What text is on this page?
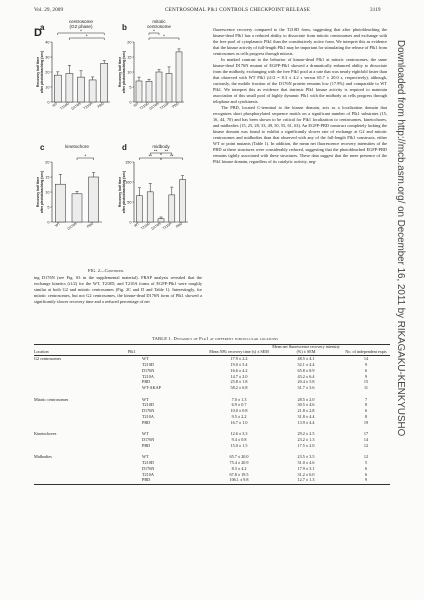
Vol. 29, 2009	CENTROSOMAL Plk1 CONTROLS CHECKPOINT RELEASE	3119
Downloaded from http://mcb.asm.org/ on December 16, 2011 by RIKAGAKU-KENKYUSHO
D
a
centrosome
(G2 phase)
0
10
20
30
40
Recovery half time after photobleaching (sec)
WT T210D D176N T210A PBD
*
*	b
mitotic
centrosome
0
5
10
15
20
Recovery half time after photobleaching (sec)
WT T210D D176N T210A PBD
*
*
c	kinetochore
0
5
10
15
20
Recovery half time after photobleaching (sec)
WT D176N	PBD
*
d	midbody
0
50
100
150
Recovery half time after photobleaching (sec)
WT T210D D176N T210A PBD
**
**
**
**
FIG. 2—Continued.

ing D176N (see Fig. S3 in the supplemental material). FRAP analysis revealed that the exchange kinetics (t1/2) for the WT, T210D, and T210A forms of EGFP-Plk1 were roughly similar at both G2 and mitotic centrosomes (Fig. 2C and D and Table 1). Interestingly, for mitotic centrosomes, but not G2 centrosomes, the kinase-dead D176N form of Plk1 showed a significantly slower recovery time and a reduced percentage of net

fluorescence recovery compared to the T210D form, suggesting that after photobleaching the kinase-dead Plk1 has a reduced ability to dissociate from mitotic centrosomes and exchange with the free pool of cytoplasmic Plk1 than the constitutively active form. We interpret this as evidence that the kinase activity of full-length Plk1 may be important for stimulating the release of Plk1 from centrosomes as cells progress through mitosis.

In marked contrast to the behavior of kinase-dead Plk1 at mitotic centrosomes, the same kinase-dead D176N mutant of EGFP-Plk1 showed a dramatically enhanced ability to dissociate from the midbody, exchanging with the free Plk1 pool at a rate that was nearly eightfold faster than that observed with WT Plk1 (t1/2 = 8.3 ± 4.2 s versus 65.7 ± 20.0 s, respectively), although, curiously, the mobile fraction of the D176N protein remains low (17.9%) and comparable to WT Plk1. We interpret this as evidence that intrinsic Plk1 kinase activity is required to maintain association of this small pool of highly dynamic Plk1 with the midbody as cells progress through telophase and cytokinesis.

The PBD, located C-terminal to the kinase domain, acts as a localization domain that recognizes short phosphorylated sequence motifs on a significant number of Plk1 substrates (15, 16, 44, 70) and has been shown to be critical for Plk1 localization to centrosomes, kinetochores, and midbodies (15, 25, 28, 33, 49, 50, 55, 61, 63). An EGFP-PBD construct completely lacking the kinase domain was found to exhibit a significantly slower rate of exchange at G2 and mitotic centrosomes and midbodies than that observed with any of the full-length Plk1 constructs, either WT or point mutants (Table 1). In addition, the mean net fluorescence recovery intensities of the PBD at these structures were considerably reduced, suggesting that the photobleached EGFP-PBD remains tightly associated with these structures. These data suggest that the mere presence of the Plk1 kinase domain, regardless of its catalytic activity, neg-

TABLE 1. Dynamics of Plk1 at different subcellular locations
Location	Plk1	Mean 50% recovery time (s) ± SEM	Mean net fluorescence recovery intensity (%) ± SEM	No. of independent expts
G2 centrosomes	WT	17.9 ± 2.2	48.5 ± 4.1	14
	T210D	19.0 ± 5.4	52.1 ± 4.4	9
	D176N	16.6 ± 4.2	65.8 ± 8.9	6
	T210A	14.7 ± 2.0	43.2 ± 6.4	9
	PBD	25.8 ± 1.8	20.4 ± 5.8	15
	WT-AKAP	58.2 ± 6.8	31.7 ± 3.6	11

Mitotic centrosomes	WT	7.0 ± 1.3	28.5 ± 2.0	7
	T210D	6.9 ± 0.7	30.5 ± 4.6	8
	D176N	10.0 ± 0.8	21.8 ± 2.8	6
	T210A	9.5 ± 2.2	31.8 ± 4.4	8
	PBD	16.7 ± 1.0	13.9 ± 4.4	19

Kinetochores	WT	12.6 ± 3.3	29.2 ± 2.5	17
	D176N	9.4 ± 0.8	23.2 ± 1.3	14
	PBD	15.0 ± 1.5	17.5 ± 2.0	12

Midbodies	WT	65.7 ± 20.0	23.5 ± 3.5	12
	T210D	75.4 ± 20.9	31.0 ± 4.6	5
	D176N	8.3 ± 4.2	17.9 ± 3.1	6
	T210A	67.8 ± 19.5	31.2 ± 6.0	6
	PBD	106.1 ± 9.8	12.7 ± 1.3	9
